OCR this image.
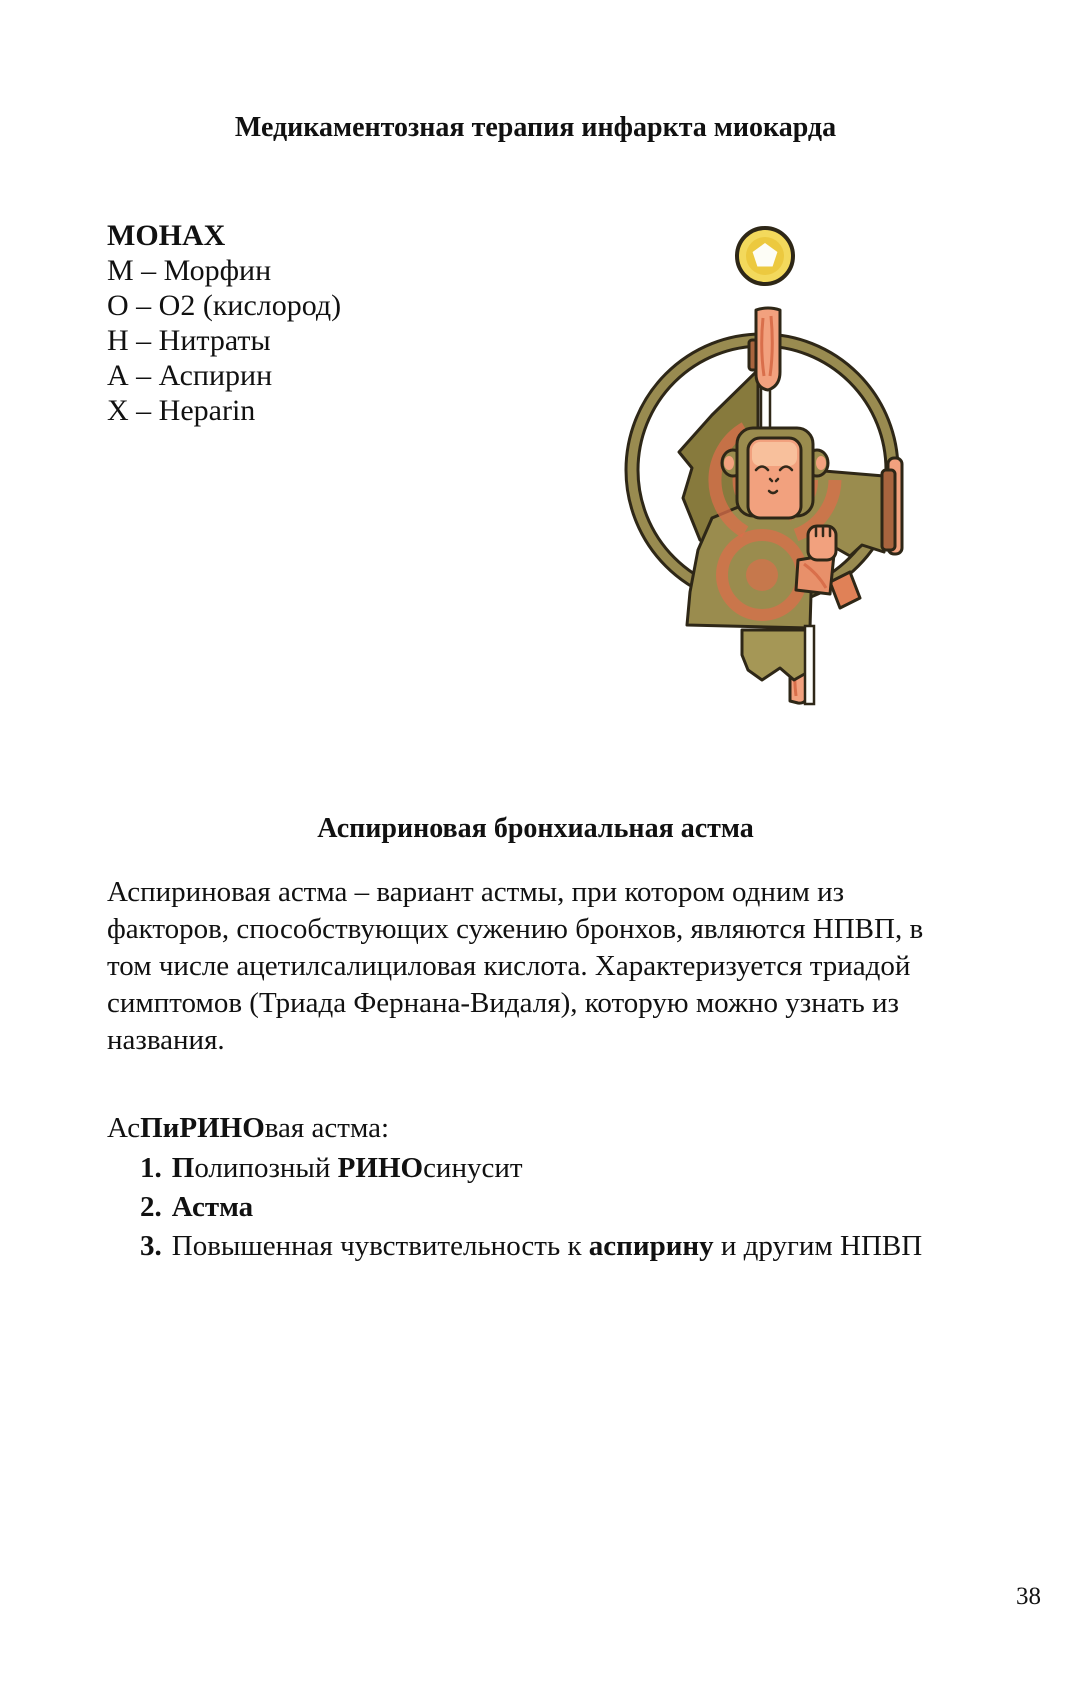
Медикаментозная терапия инфаркта миокарда
МОНАХ
М – Морфин
О – О2 (кислород)
Н – Нитраты
А – Аспирин
Х – Heparin
Аспириновая бронхиальная астма
Аспириновая астма – вариант астмы, при котором одним из
факторов, способствующих сужению бронхов, являются НПВП, в
том числе ацетилсалициловая кислота. Характеризуется триадой
симптомов (Триада Фернана-Видаля), которую можно узнать из
названия.
АсПиРИНОвая астма:
1. Полипозный РИНОсинусит
2. Астма
3. Повышенная чувствительность к аспирину и другим НПВП
38
